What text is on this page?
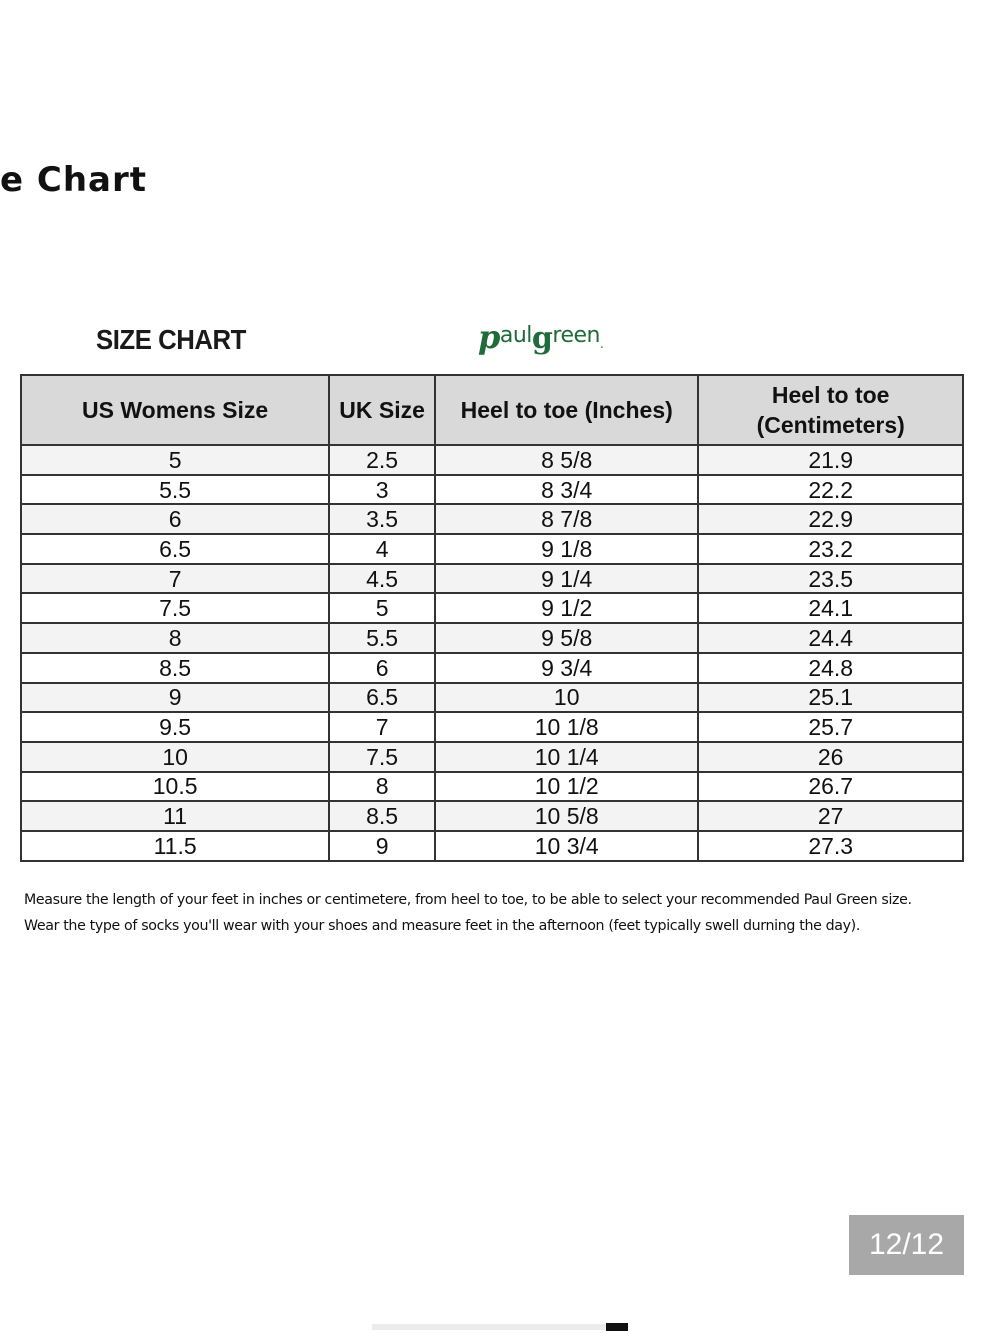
e Chart
SIZE CHART	$p^{aul}g^{reen}$.
US Womens Size	UK Size	Heel to toe (Inches)	Heel to toe
(Centimeters)
5	2.5	8 5/8	21.9
5.5	3	8 3/4	22.2
6	3.5	8 7/8	22.9
6.5	4	9 1/8	23.2
7	4.5	9 1/4	23.5
7.5	5	9 1/2	24.1
8	5.5	9 5/8	24.4
8.5	6	9 3/4	24.8
9	6.5	10	25.1
9.5	7	10 1/8	25.7
10	7.5	10 1/4	26
10.5	8	10 1/2	26.7
11	8.5	10 5/8	27
11.5	9	10 3/4	27.3
Measure the length of your feet in inches or centimetere, from heel to toe, to be able to select your recommended Paul Green size.
Wear the type of socks you'll wear with your shoes and measure feet in the afternoon (feet typically swell durning the day).
12/12
